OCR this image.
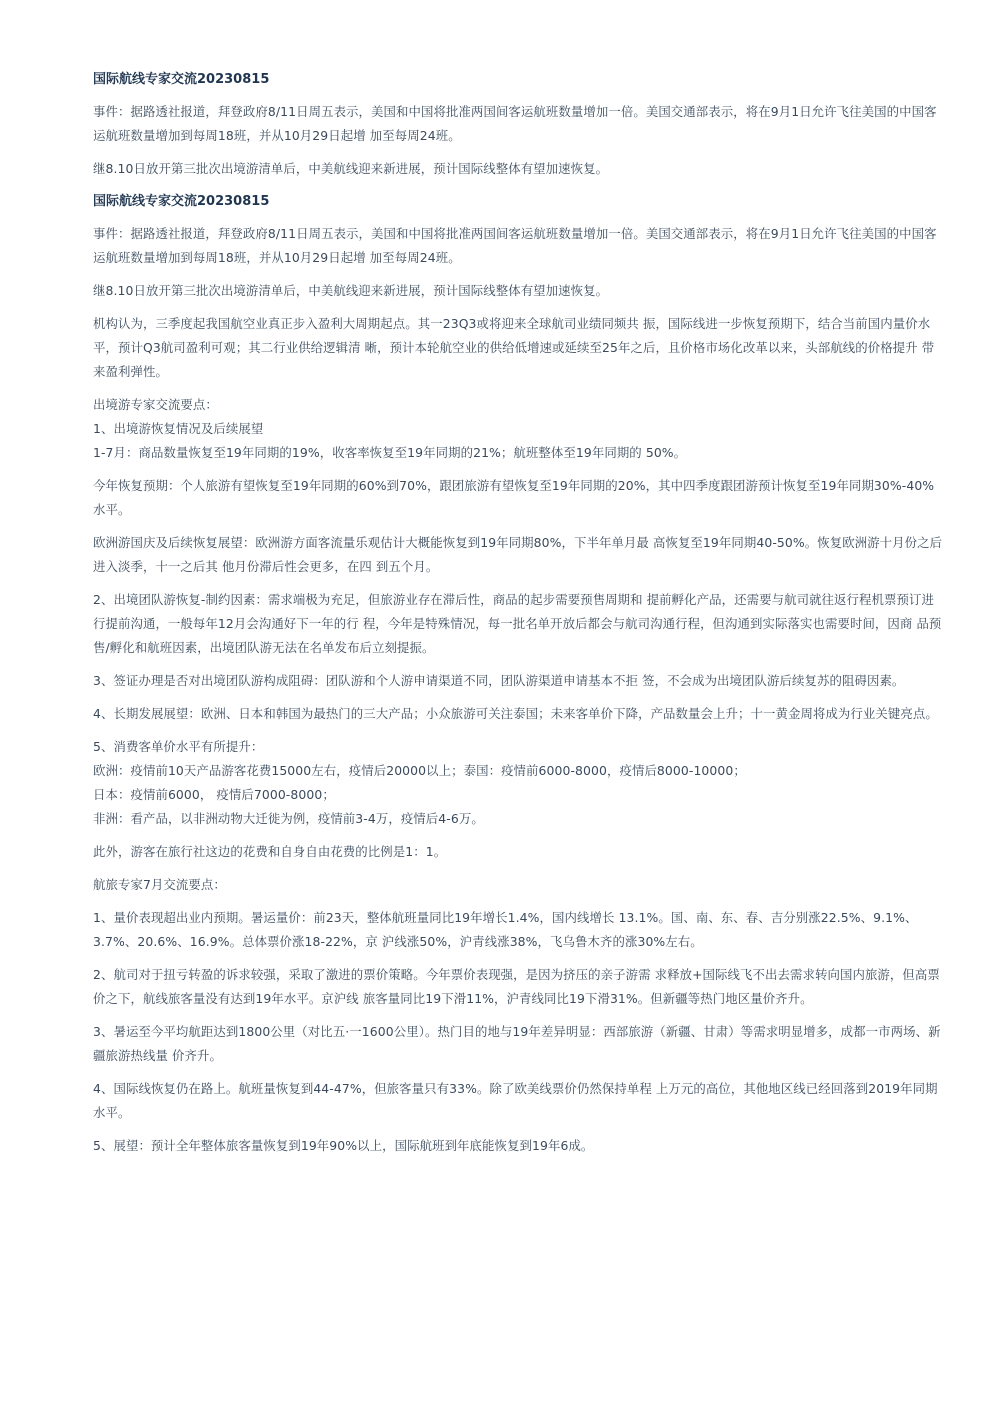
国际航线专家交流20230815

事件：据路透社报道，拜登政府8/11日周五表示，美国和中国将批准两国间客运航班数量增加一倍。美国交通部表示，将在9月1日允许飞往美国的中国客运航班数量增加到每周18班，并从10月29日起增 加至每周24班。

继8.10日放开第三批次出境游清单后，中美航线迎来新进展，预计国际线整体有望加速恢复。

国际航线专家交流20230815

事件：据路透社报道，拜登政府8/11日周五表示，美国和中国将批准两国间客运航班数量增加一倍。美国交通部表示，将在9月1日允许飞往美国的中国客运航班数量增加到每周18班，并从10月29日起增 加至每周24班。

继8.10日放开第三批次出境游清单后，中美航线迎来新进展，预计国际线整体有望加速恢复。

机构认为，三季度起我国航空业真正步入盈利大周期起点。其一23Q3或将迎来全球航司业绩同频共 振，国际线进一步恢复预期下，结合当前国内量价水平，预计Q3航司盈利可观；其二行业供给逻辑清 晰，预计本轮航空业的供给低增速或延续至25年之后，且价格市场化改革以来，头部航线的价格提升 带来盈利弹性。

出境游专家交流要点：

1、出境游恢复情况及后续展望

1-7月：商品数量恢复至19年同期的19%，收客率恢复至19年同期的21%；航班整体至19年同期的 50%。

今年恢复预期：个人旅游有望恢复至19年同期的60%到70%，跟团旅游有望恢复至19年同期的20%，其中四季度跟团游预计恢复至19年同期30%-40%水平。

欧洲游国庆及后续恢复展望：欧洲游方面客流量乐观估计大概能恢复到19年同期80%，下半年单月最 高恢复至19年同期40-50%。恢复欧洲游十月份之后进入淡季，十一之后其 他月份滞后性会更多，在四 到五个月。

2、出境团队游恢复-制约因素：需求端极为充足，但旅游业存在滞后性，商品的起步需要预售周期和 提前孵化产品，还需要与航司就往返行程机票预订进行提前沟通，一般每年12月会沟通好下一年的行 程，今年是特殊情况，每一批名单开放后都会与航司沟通行程，但沟通到实际落实也需要时间，因商 品预售/孵化和航班因素，出境团队游无法在名单发布后立刻提振。

3、签证办理是否对出境团队游构成阻碍：团队游和个人游申请渠道不同，团队游渠道申请基本不拒 签，不会成为出境团队游后续复苏的阻碍因素。

4、长期发展展望：欧洲、日本和韩国为最热门的三大产品；小众旅游可关注泰国；未来客单价下降，产品数量会上升；十一黄金周将成为行业关键亮点。

5、消费客单价水平有所提升：

欧洲：疫情前10天产品游客花费15000左右，疫情后20000以上；泰国：疫情前6000-8000，疫情后8000-10000；

日本：疫情前6000， 疫情后7000-8000；

非洲：看产品，以非洲动物大迁徙为例，疫情前3-4万，疫情后4-6万。

此外，游客在旅行社这边的花费和自身自由花费的比例是1：1。

航旅专家7月交流要点：

1、量价表现超出业内预期。暑运量价：前23天，整体航班量同比19年增长1.4%，国内线增长 13.1%。国、南、东、春、吉分别涨22.5%、9.1%、3.7%、20.6%、16.9%。总体票价涨18-22%，京 沪线涨50%，沪青线涨38%，飞乌鲁木齐的涨30%左右。

2、航司对于扭亏转盈的诉求较强，采取了激进的票价策略。今年票价表现强，是因为挤压的亲子游需 求释放+国际线飞不出去需求转向国内旅游，但高票价之下，航线旅客量没有达到19年水平。京沪线 旅客量同比19下滑11%，沪青线同比19下滑31%。但新疆等热门地区量价齐升。

3、暑运至今平均航距达到1800公里（对比五·一1600公里）。热门目的地与19年差异明显：西部旅游（新疆、甘肃）等需求明显增多，成都一市两场、新疆旅游热线量 价齐升。

4、国际线恢复仍在路上。航班量恢复到44-47%，但旅客量只有33%。除了欧美线票价仍然保持单程 上万元的高位，其他地区线已经回落到2019年同期水平。

5、展望：预计全年整体旅客量恢复到19年90%以上，国际航班到年底能恢复到19年6成。
